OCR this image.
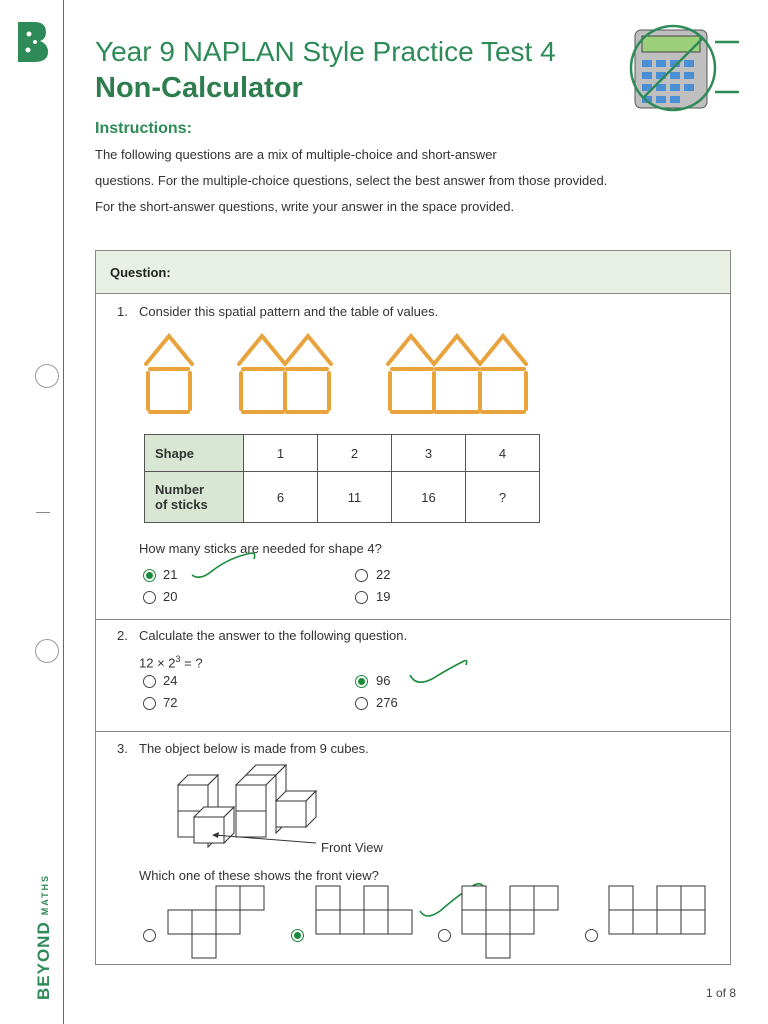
BEYONDMATHS
Year 9 NAPLAN Style Practice Test 4
Non-Calculator
Instructions:
The following questions are a mix of multiple-choice and short-answer
questions. For the multiple-choice questions, select the best answer from those provided.
For the short-answer questions, write your answer in the space provided.
Question:
1. Consider this spatial pattern and the table of values.
Shape	1	2	3	4
Number
of sticks	6	11	16	?
How many sticks are needed for shape 4?
21	22
20	19
2. Calculate the answer to the following question.
$12 \times 2^3$ = ?
24	96
72	276
3. The object below is made from 9 cubes.
Front View
Which one of these shows the front view?
1 of 8
